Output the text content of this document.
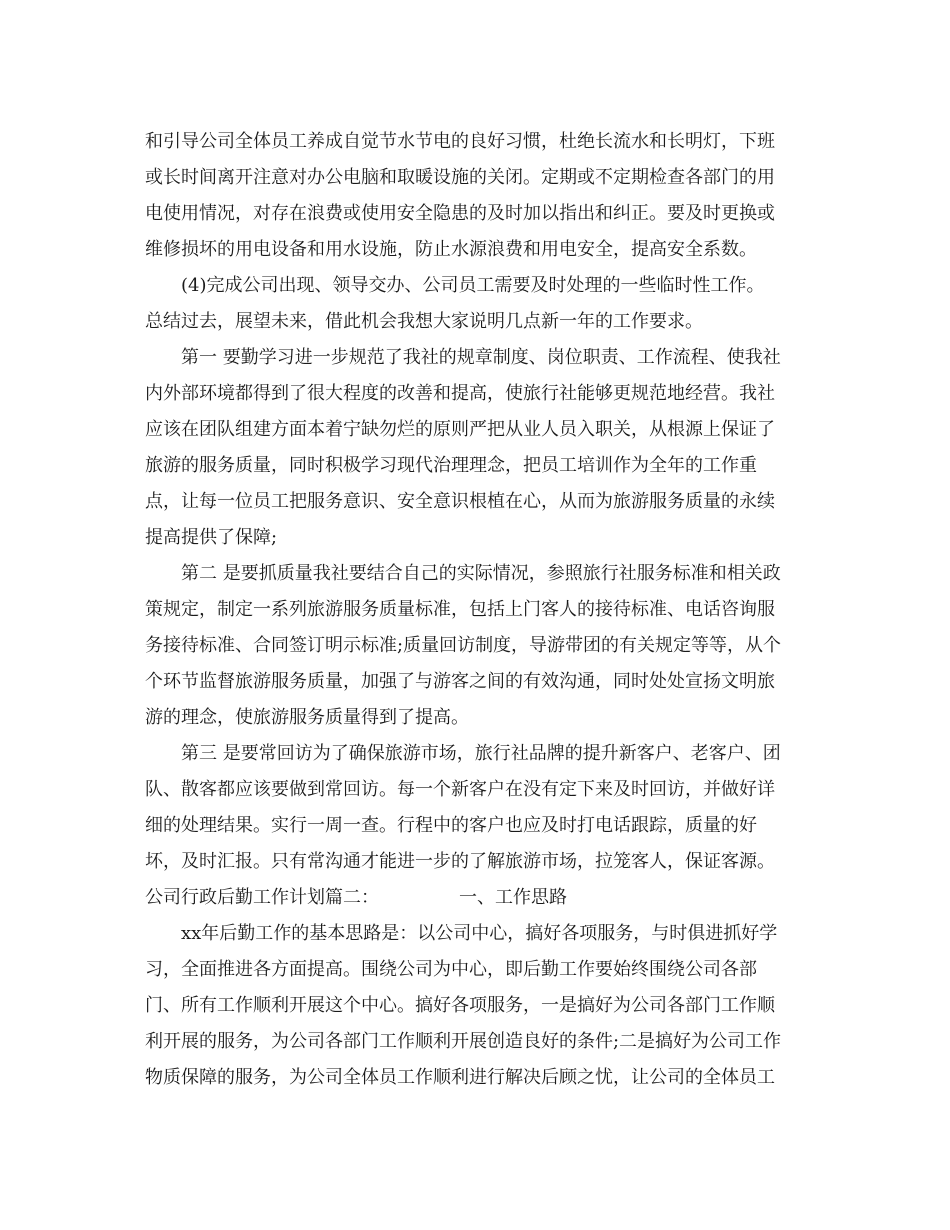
和引导公司全体员工养成自觉节水节电的良好习惯，杜绝长流水和长明灯，下班
或长时间离开注意对办公电脑和取暖设施的关闭。定期或不定期检查各部门的用
电使用情况，对存在浪费或使用安全隐患的及时加以指出和纠正。要及时更换或
维修损坏的用电设备和用水设施，防止水源浪费和用电安全，提高安全系数。
(4)完成公司出现、领导交办、公司员工需要及时处理的一些临时性工作。
总结过去，展望未来，借此机会我想大家说明几点新一年的工作要求。
第一 要勤学习进一步规范了我社的规章制度、岗位职责、工作流程、使我社
内外部环境都得到了很大程度的改善和提高，使旅行社能够更规范地经营。我社
应该在团队组建方面本着宁缺勿烂的原则严把从业人员入职关，从根源上保证了
旅游的服务质量，同时积极学习现代治理理念，把员工培训作为全年的工作重
点，让每一位员工把服务意识、安全意识根植在心，从而为旅游服务质量的永续
提高提供了保障;
第二 是要抓质量我社要结合自己的实际情况，参照旅行社服务标准和相关政
策规定，制定一系列旅游服务质量标准，包括上门客人的接待标准、电话咨询服
务接待标准、合同签订明示标准;质量回访制度，导游带团的有关规定等等，从个
个环节监督旅游服务质量，加强了与游客之间的有效沟通，同时处处宣扬文明旅
游的理念，使旅游服务质量得到了提高。
第三 是要常回访为了确保旅游市场，旅行社品牌的提升新客户、老客户、团
队、散客都应该要做到常回访。每一个新客户在没有定下来及时回访，并做好详
细的处理结果。实行一周一查。行程中的客户也应及时打电话跟踪，质量的好
坏，及时汇报。只有常沟通才能进一步的了解旅游市场，拉笼客人，保证客源。
公司行政后勤工作计划篇二：	一、工作思路
xx年后勤工作的基本思路是：以公司中心，搞好各项服务，与时俱进抓好学
习，全面推进各方面提高。围绕公司为中心，即后勤工作要始终围绕公司各部
门、所有工作顺利开展这个中心。搞好各项服务，一是搞好为公司各部门工作顺
利开展的服务，为公司各部门工作顺利开展创造良好的条件;二是搞好为公司工作
物质保障的服务，为公司全体员工作顺利进行解决后顾之忧，让公司的全体员工
